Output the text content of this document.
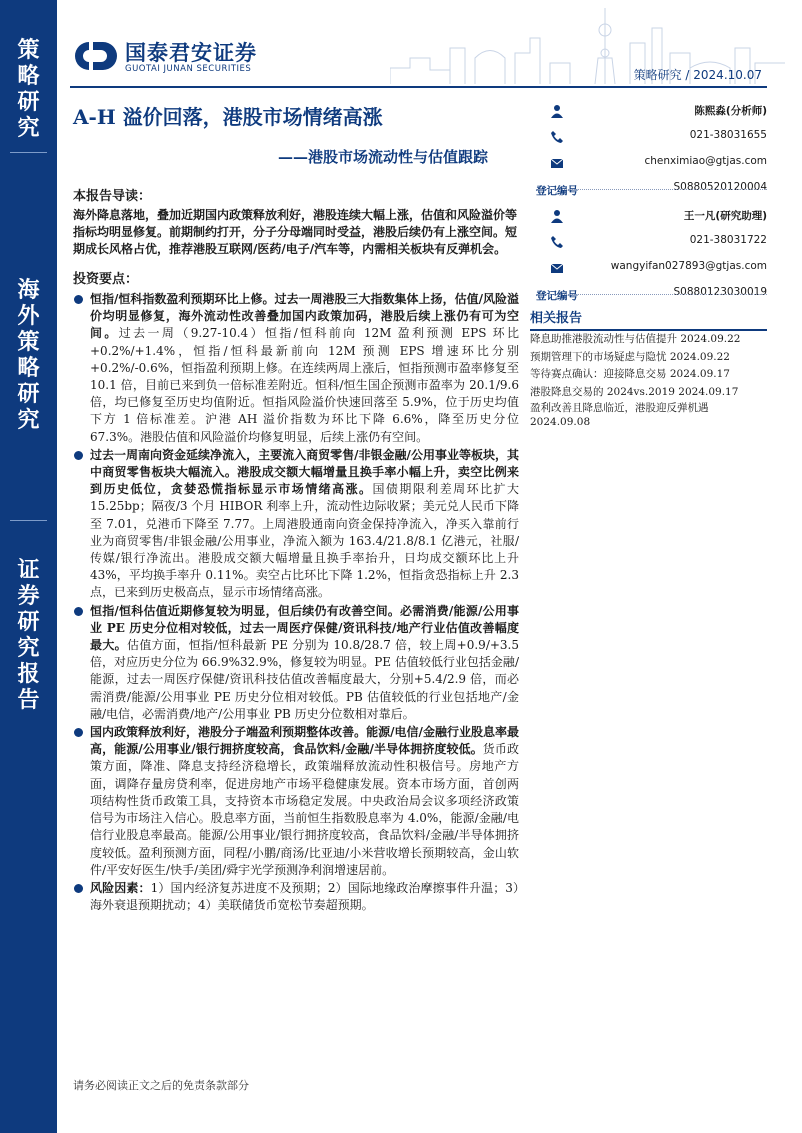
策
略
研
究
海
外
策
略
研
究
证
券
研
究
报
告
国泰君安证券
GUOTAI JUNAN SECURITIES	策略研究 / 2024.10.07
A-H 溢价回落，港股市场情绪高涨
——港股市场流动性与估值跟踪
本报告导读：
海外降息落地，叠加近期国内政策释放利好，港股连续大幅上涨，估值和风险溢价等指标均明显修复。前期制约打开，分子分母端同时受益，港股后续仍有上涨空间。短期成长风格占优，推荐港股互联网/医药/电子/汽车等，内需相关板块有反弹机会。
投资要点：
恒指/恒科指数盈利预期环比上修。过去一周港股三大指数集体上扬，估值/风险溢价均明显修复，海外流动性改善叠加国内政策加码，港股后续上涨仍有可为空间。过去一周（9.27-10.4）恒指/恒科前向 12M 盈利预测 EPS 环比+0.2%/+1.4%，恒指/恒科最新前向 12M 预测 EPS 增速环比分别+0.2%/-0.6%，恒指盈利预期上修。在连续两周上涨后，恒指预测市盈率修复至 10.1 倍，目前已来到负一倍标准差附近。恒科/恒生国企预测市盈率为 20.1/9.6 倍，均已修复至历史均值附近。恒指风险溢价快速回落至 5.9%，位于历史均值下方 1 倍标准差。沪港 AH 溢价指数为环比下降 6.6%，降至历史分位 67.3%。港股估值和风险溢价均修复明显，后续上涨仍有空间。
过去一周南向资金延续净流入，主要流入商贸零售/非银金融/公用事业等板块，其中商贸零售板块大幅流入。港股成交额大幅增量且换手率小幅上升，卖空比例来到历史低位，贪婪恐慌指标显示市场情绪高涨。国债期限利差周环比扩大 15.25bp；隔夜/3 个月 HIBOR 利率上升，流动性边际收紧；美元兑人民币下降至 7.01，兑港币下降至 7.77。上周港股通南向资金保持净流入，净买入靠前行业为商贸零售/非银金融/公用事业，净流入额为 163.4/21.8/8.1 亿港元，社服/传媒/银行净流出。港股成交额大幅增量且换手率抬升，日均成交额环比上升 43%，平均换手率升 0.11%。卖空占比环比下降 1.2%，恒指贪恐指标上升 2.3 点，已来到历史极高点，显示市场情绪高涨。
恒指/恒科估值近期修复较为明显，但后续仍有改善空间。必需消费/能源/公用事业 PE 历史分位相对较低，过去一周医疗保健/资讯科技/地产行业估值改善幅度最大。估值方面，恒指/恒科最新 PE 分别为 10.8/28.7 倍，较上周+0.9/+3.5 倍，对应历史分位为 66.9%32.9%，修复较为明显。PE 估值较低行业包括金融/能源，过去一周医疗保健/资讯科技估值改善幅度最大，分别+5.4/2.9 倍，而必需消费/能源/公用事业 PE 历史分位相对较低。PB 估值较低的行业包括地产/金融/电信，必需消费/地产/公用事业 PB 历史分位数相对靠后。
国内政策释放利好，港股分子端盈利预期整体改善。能源/电信/金融行业股息率最高，能源/公用事业/银行拥挤度较高，食品饮料/金融/半导体拥挤度较低。货币政策方面，降准、降息支持经济稳增长，政策端释放流动性积极信号。房地产方面，调降存量房贷利率，促进房地产市场平稳健康发展。资本市场方面，首创两项结构性货币政策工具，支持资本市场稳定发展。中央政治局会议多项经济政策信号为市场注入信心。股息率方面，当前恒生指数股息率为 4.0%，能源/金融/电信行业股息率最高。能源/公用事业/银行拥挤度较高，食品饮料/金融/半导体拥挤度较低。盈利预测方面，同程/小鹏/商汤/比亚迪/小米营收增长预期较高，金山软件/平安好医生/快手/美团/舜宇光学预测净利润增速居前。
风险因素：1）国内经济复苏进度不及预期；2）国际地缘政治摩擦事件升温；3）海外衰退预期扰动；4）美联储货币宽松节奏超预期。
陈熙淼(分析师)
021-38031655
chenximiao@gtjas.com
登记编号	S0880520120004
王一凡(研究助理)
021-38031722
wangyifan027893@gtjas.com
登记编号	S0880123030019
相关报告
降息助推港股流动性与估值提升 2024.09.22
预期管理下的市场疑虑与隐忧 2024.09.22
等待赛点确认：迎接降息交易 2024.09.17
港股降息交易的 2024vs.2019 2024.09.17
盈利改善且降息临近，港股迎反弹机遇
2024.09.08
请务必阅读正文之后的免责条款部分
